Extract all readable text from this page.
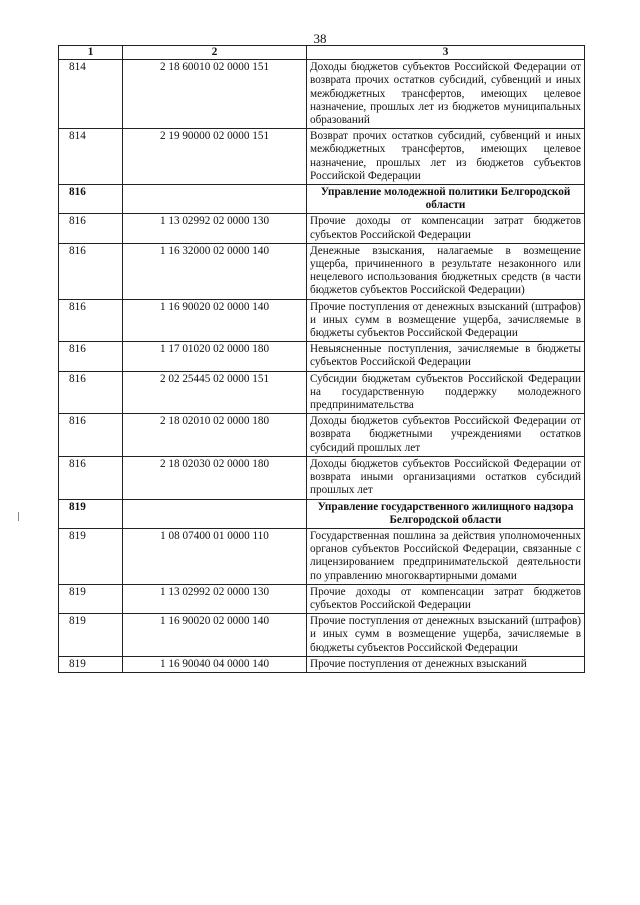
38
1	2	3
814	2 18 60010 02 0000 151	Доходы бюджетов субъектов Российской Федерации от возврата прочих остатков субсидий, субвенций и иных межбюджетных трансфертов, имеющих целевое назначение, прошлых лет из бюджетов муниципальных образований
814	2 19 90000 02 0000 151	Возврат прочих остатков субсидий, субвенций и иных межбюджетных трансфертов, имеющих целевое назначение, прошлых лет из бюджетов субъектов Российской Федерации
816		Управление молодежной политики Белгородской области
816	1 13 02992 02 0000 130	Прочие доходы от компенсации затрат бюджетов субъектов Российской Федерации
816	1 16 32000 02 0000 140	Денежные взыскания, налагаемые в возмещение ущерба, причиненного в результате незаконного или нецелевого использования бюджетных средств (в части бюджетов субъектов Российской Федерации)
816	1 16 90020 02 0000 140	Прочие поступления от денежных взысканий (штрафов) и иных сумм в возмещение ущерба, зачисляемые в бюджеты субъектов Российской Федерации
816	1 17 01020 02 0000 180	Невыясненные поступления, зачисляемые в бюджеты субъектов Российской Федерации
816	2 02 25445 02 0000 151	Субсидии бюджетам субъектов Российской Федерации на государственную поддержку молодежного предпринимательства
816	2 18 02010 02 0000 180	Доходы бюджетов субъектов Российской Федерации от возврата бюджетными учреждениями остатков субсидий прошлых лет
816	2 18 02030 02 0000 180	Доходы бюджетов субъектов Российской Федерации от возврата иными организациями остатков субсидий прошлых лет
819		Управление государственного жилищного надзора Белгородской области
819	1 08 07400 01 0000 110	Государственная пошлина за действия уполномоченных органов субъектов Российской Федерации, связанные с лицензированием предпринимательской деятельности по управлению многоквартирными домами
819	1 13 02992 02 0000 130	Прочие доходы от компенсации затрат бюджетов субъектов Российской Федерации
819	1 16 90020 02 0000 140	Прочие поступления от денежных взысканий (штрафов) и иных сумм в возмещение ущерба, зачисляемые в бюджеты субъектов Российской Федерации
819	1 16 90040 04 0000 140	Прочие поступления от денежных взысканий
